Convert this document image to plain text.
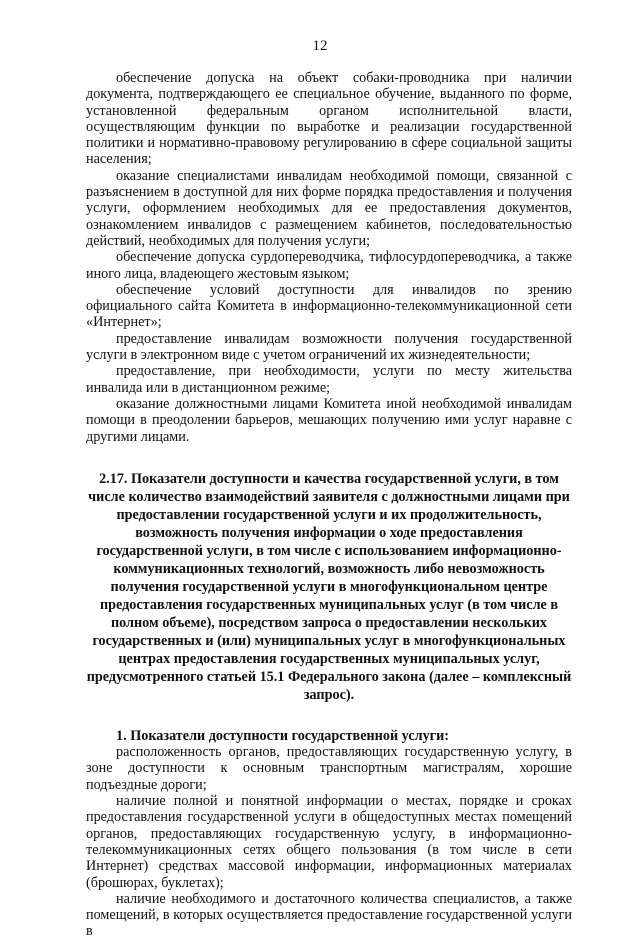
12

обеспечение допуска на объект собаки-проводника при наличии документа, подтверждающего ее специальное обучение, выданного по форме, установленной федеральным органом исполнительной власти, осуществляющим функции по выработке и реализации государственной политики и нормативно-правовому регулированию в сфере социальной защиты населения;

оказание специалистами инвалидам необходимой помощи, связанной с разъяснением в доступной для них форме порядка предоставления и получения услуги, оформлением необходимых для ее предоставления документов, ознакомлением инвалидов с размещением кабинетов, последовательностью действий, необходимых для получения услуги;

обеспечение допуска сурдопереводчика, тифлосурдопереводчика, а также иного лица, владеющего жестовым языком;

обеспечение условий доступности для инвалидов по зрению официального сайта Комитета в информационно-телекоммуникационной сети «Интернет»;

предоставление инвалидам возможности получения государственной услуги в электронном виде с учетом ограничений их жизнедеятельности;

предоставление, при необходимости, услуги по месту жительства инвалида или в дистанционном режиме;

оказание должностными лицами Комитета иной необходимой инвалидам помощи в преодолении барьеров, мешающих получению ими услуг наравне с другими лицами.

2.17. Показатели доступности и качества государственной услуги, в том числе количество взаимодействий заявителя с должностными лицами при предоставлении государственной услуги и их продолжительность, возможность получения информации о ходе предоставления государственной услуги, в том числе с использованием информационно-коммуникационных технологий, возможность либо невозможность получения государственной услуги в многофункциональном центре предоставления государственных муниципальных услуг (в том числе в полном объеме), посредством запроса о предоставлении нескольких государственных и (или) муниципальных услуг в многофункциональных центрах предоставления государственных муниципальных услуг, предусмотренного статьей 15.1 Федерального закона (далее – комплексный запрос).

1. Показатели доступности государственной услуги:

расположенность органов, предоставляющих государственную услугу, в зоне доступности к основным транспортным магистралям, хорошие подъездные дороги;

наличие полной и понятной информации о местах, порядке и сроках предоставления государственной услуги в общедоступных местах помещений органов, предоставляющих государственную услугу, в информационно-телекоммуникационных сетях общего пользования (в том числе в сети Интернет) средствах массовой информации, информационных материалах (брошюрах, буклетах);

наличие необходимого и достаточного количества специалистов, а также помещений, в которых осуществляется предоставление государственной услуги в
